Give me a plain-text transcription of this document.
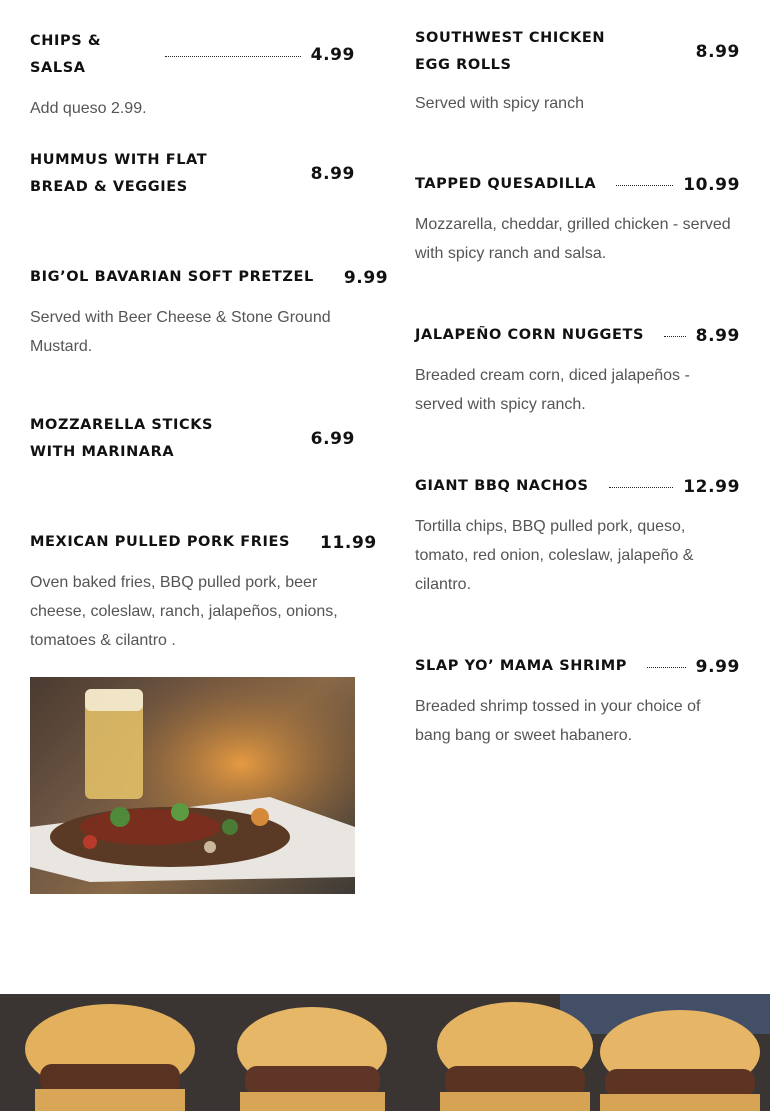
CHIPS & SALSA
4.99
Add queso 2.99.
HUMMUS WITH FLAT BREAD & VEGGIES
8.99
BIG’OL BAVARIAN SOFT PRETZEL 9.99
Served with Beer Cheese & Stone Ground Mustard.
MOZZARELLA STICKS WITH MARINARA
6.99
MEXICAN PULLED PORK FRIES 11.99
Oven baked fries, BBQ pulled pork, beer cheese, coleslaw, ranch, jalapeños, onions, tomatoes & cilantro .
SOUTHWEST CHICKEN EGG ROLLS
8.99
Served with spicy ranch
TAPPED QUESADILLA	10.99
Mozzarella, cheddar, grilled chicken - served with spicy ranch and salsa.
JALAPEÑO CORN NUGGETS	8.99
Breaded cream corn, diced jalapeños - served with spicy ranch.
GIANT BBQ NACHOS	12.99
Tortilla chips, BBQ pulled pork, queso, tomato, red onion, coleslaw, jalapeño & cilantro.
SLAP YO’ MAMA SHRIMP	9.99
Breaded shrimp tossed in your choice of bang bang or sweet habanero.
